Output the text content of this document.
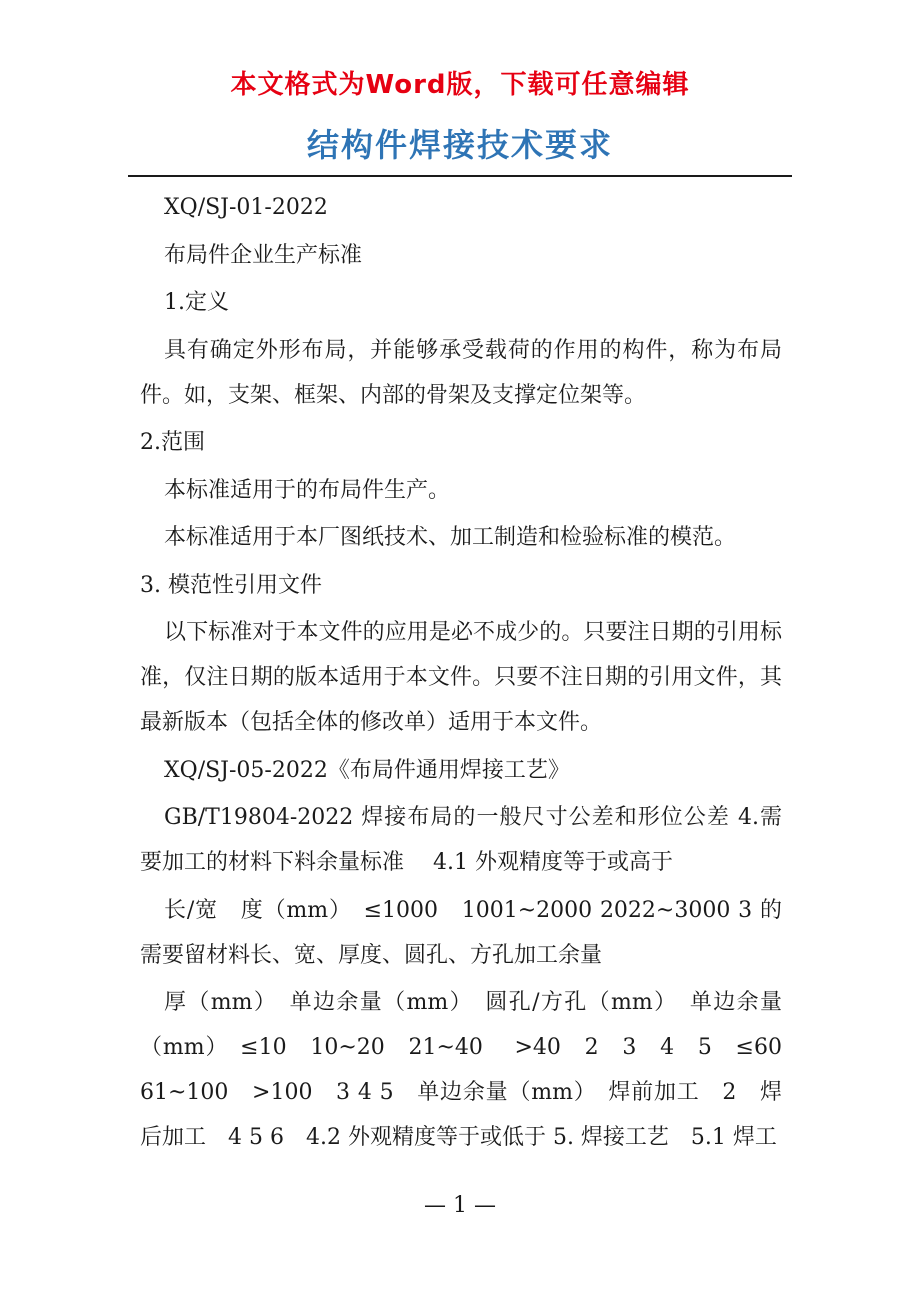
本文格式为Word版，下载可任意编辑
结构件焊接技术要求

XQ/SJ-01-2022

布局件企业生产标准

1.定义

具有确定外形布局，并能够承受载荷的作用的构件，称为布局件。如，支架、框架、内部的骨架及支撑定位架等。

2.范围

本标准适用于的布局件生产。

本标准适用于本厂图纸技术、加工制造和检验标准的模范。

3. 模范性引用文件

以下标准对于本文件的应用是必不成少的。只要注日期的引用标准，仅注日期的版本适用于本文件。只要不注日期的引用文件，其最新版本（包括全体的修改单）适用于本文件。

XQ/SJ-05-2022《布局件通用焊接工艺》

GB/T19804-2022 焊接布局的一般尺寸公差和形位公差 4.需要加工的材料下料余量标准　 4.1 外观精度等于或高于

长/宽　度（mm）　≤1000　1001~2000 2022~3000 3 的需要留材料长、宽、厚度、圆孔、方孔加工余量

厚（mm）　单边余量（mm）　圆孔/方孔（mm）　单边余量（mm）　≤10　10~20　21~40　 >40　2　3　4　5　≤60　61~100　>100　3 4 5　单边余量（mm）　焊前加工　2　焊后加工　4 5 6　4.2 外观精度等于或低于 5. 焊接工艺　5.1 焊工

— 1 —
